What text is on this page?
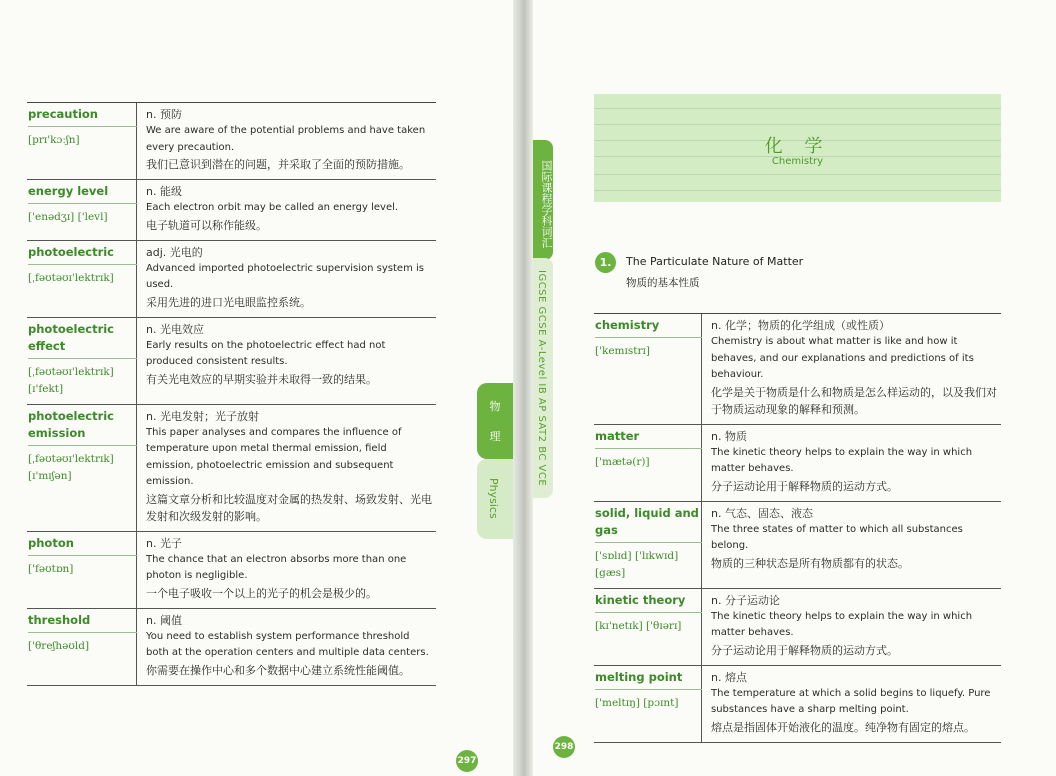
precaution
[prɪ'kɔːʃn]
n. 预防
We are aware of the potential problems and have taken every precaution.
我们已意识到潜在的问题，并采取了全面的预防措施。
energy level
['enədʒɪ] ['levl]
n. 能级
Each electron orbit may be called an energy level.
电子轨道可以称作能级。
photoelectric
[ˌfəʊtəʊɪ'lektrɪk]
adj. 光电的
Advanced imported photoelectric supervision system is used.
采用先进的进口光电眼监控系统。
photoelectric effect
[ˌfəʊtəʊɪ'lektrɪk] [ɪ'fekt]
n. 光电效应
Early results on the photoelectric effect had not produced consistent results.
有关光电效应的早期实验并未取得一致的结果。
photoelectric emission
[ˌfəʊtəʊɪ'lektrɪk] [ɪ'mɪʃən]
n. 光电发射；光子放射
This paper analyses and compares the influence of temperature upon metal thermal emission, field emission, photoelectric emission and subsequent emission.
这篇文章分析和比较温度对金属的热发射、场致发射、光电发射和次级发射的影响。
photon
['fəʊtɒn]
n. 光子
The chance that an electron absorbs more than one photon is negligible.
一个电子吸收一个以上的光子的机会是极少的。
threshold
['θreʃhəʊld]
n. 阈值
You need to establish system performance threshold both at the operation centers and multiple data centers.
你需要在操作中心和多个数据中心建立系统性能阈值。
国际课程学科词汇
IGCSE GCSE A-Level IB AP SAT2 BC VCE
物
理
Physics
化 学
Chemistry
1.	The Particulate Nature of Matter
物质的基本性质
chemistry
['kemɪstrɪ]
n. 化学；物质的化学组成（或性质）
Chemistry is about what matter is like and how it behaves, and our explanations and predictions of its behaviour.
化学是关于物质是什么和物质是怎么样运动的，以及我们对于物质运动现象的解释和预测。
matter
['mætə(r)]
n. 物质
The kinetic theory helps to explain the way in which matter behaves.
分子运动论用于解释物质的运动方式。
solid, liquid and gas
['sɒlɪd] ['lɪkwɪd] [gæs]
n. 气态、固态、液态
The three states of matter to which all substances belong.
物质的三种状态是所有物质都有的状态。
kinetic theory
[kɪ'netɪk] ['θɪərɪ]
n. 分子运动论
The kinetic theory helps to explain the way in which matter behaves.
分子运动论用于解释物质的运动方式。
melting point
['meltɪŋ] [pɔɪnt]
n. 熔点
The temperature at which a solid begins to liquefy. Pure substances have a sharp melting point.
熔点是指固体开始液化的温度。纯净物有固定的熔点。
297
298
